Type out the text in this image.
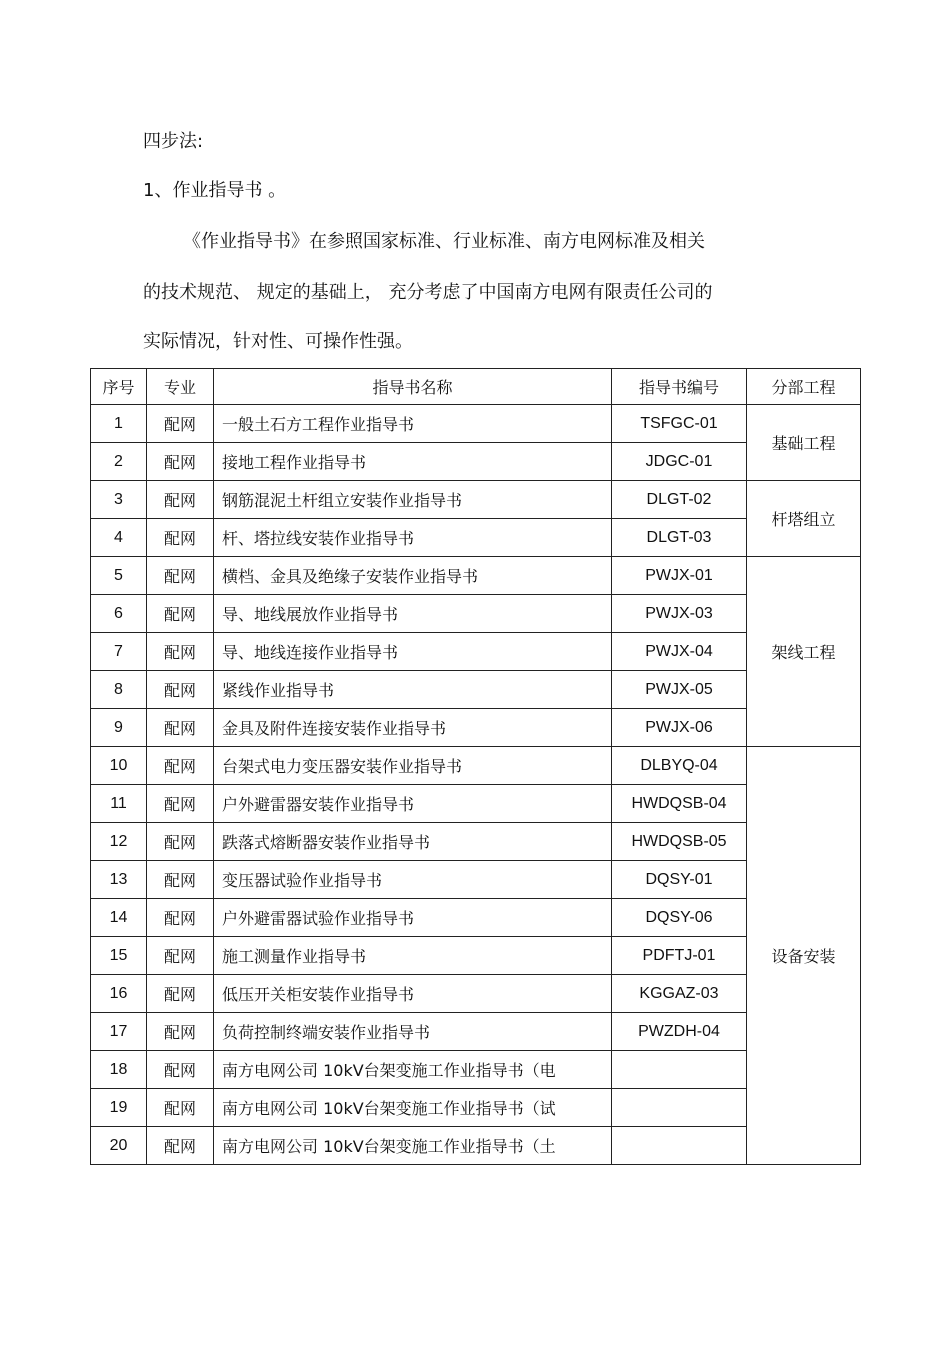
四步法:
1、作业指导书 。
《作业指导书》在参照国家标准、行业标准、南方电网标准及相关
的技术规范、 规定的基础上， 充分考虑了中国南方电网有限责任公司的
实际情况，针对性、可操作性强。
序号	专业	指导书名称	指导书编号	分部工程
1	配网	一般土石方工程作业指导书	TSFGC-01	基础工程
2	配网	接地工程作业指导书	JDGC-01	
3	配网	钢筋混泥土杆组立安装作业指导书	DLGT-02	杆塔组立
4	配网	杆、塔拉线安装作业指导书	DLGT-03	
5	配网	横档、金具及绝缘子安装作业指导书	PWJX-01	架线工程
6	配网	导、地线展放作业指导书	PWJX-03	
7	配网	导、地线连接作业指导书	PWJX-04	
8	配网	紧线作业指导书	PWJX-05	
9	配网	金具及附件连接安装作业指导书	PWJX-06	
10	配网	台架式电力变压器安装作业指导书	DLBYQ-04	设备安装
11	配网	户外避雷器安装作业指导书	HWDQSB-04	
12	配网	跌落式熔断器安装作业指导书	HWDQSB-05	
13	配网	变压器试验作业指导书	DQSY-01	
14	配网	户外避雷器试验作业指导书	DQSY-06	
15	配网	施工测量作业指导书	PDFTJ-01	
16	配网	低压开关柜安装作业指导书	KGGAZ-03	
17	配网	负荷控制终端安装作业指导书	PWZDH-04	
18	配网	南方电网公司 10kV台架变施工作业指导书（电		
19	配网	南方电网公司 10kV台架变施工作业指导书（试		
20	配网	南方电网公司 10kV台架变施工作业指导书（土		
